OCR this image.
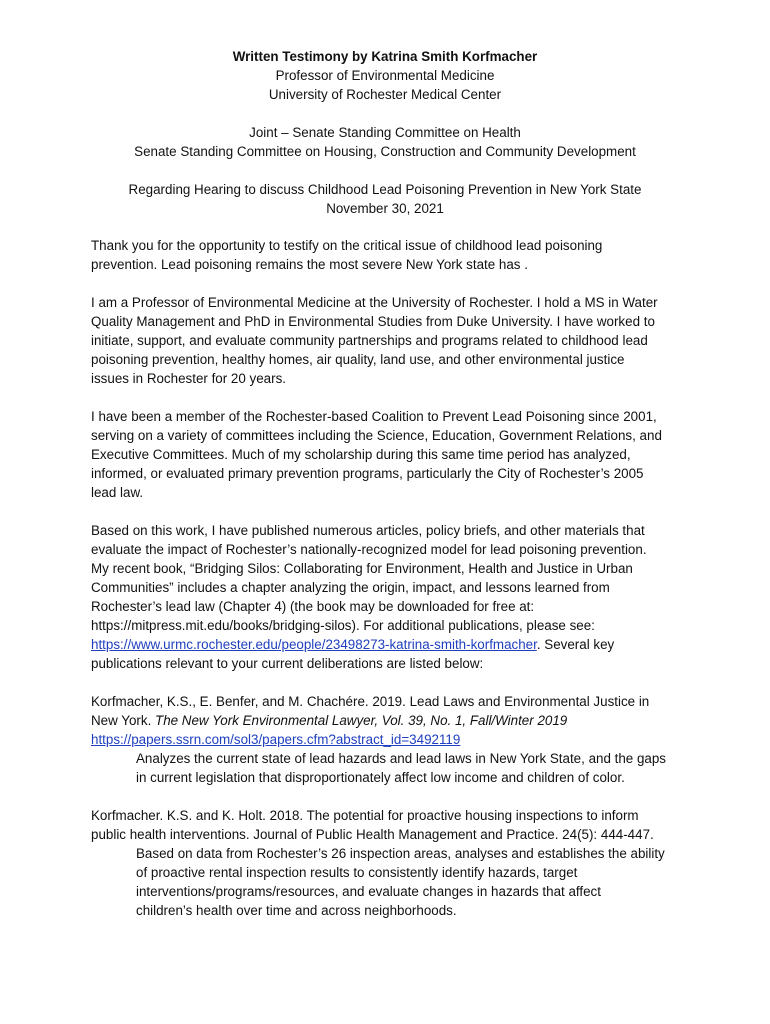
Written Testimony by Katrina Smith Korfmacher
Professor of Environmental Medicine
University of Rochester Medical Center
Joint – Senate Standing Committee on Health
Senate Standing Committee on Housing, Construction and Community Development
Regarding Hearing to discuss Childhood Lead Poisoning Prevention in New York State
November 30, 2021
Thank you for the opportunity to testify on the critical issue of childhood lead poisoning
prevention. Lead poisoning remains the most severe New York state has .
I am a Professor of Environmental Medicine at the University of Rochester. I hold a MS in Water
Quality Management and PhD in Environmental Studies from Duke University. I have worked to
initiate, support, and evaluate community partnerships and programs related to childhood lead
poisoning prevention, healthy homes, air quality, land use, and other environmental justice
issues in Rochester for 20 years.
I have been a member of the Rochester-based Coalition to Prevent Lead Poisoning since 2001,
serving on a variety of committees including the Science, Education, Government Relations, and
Executive Committees. Much of my scholarship during this same time period has analyzed,
informed, or evaluated primary prevention programs, particularly the City of Rochester’s 2005
lead law.
Based on this work, I have published numerous articles, policy briefs, and other materials that
evaluate the impact of Rochester’s nationally-recognized model for lead poisoning prevention.
My recent book, “Bridging Silos: Collaborating for Environment, Health and Justice in Urban
Communities” includes a chapter analyzing the origin, impact, and lessons learned from
Rochester’s lead law (Chapter 4) (the book may be downloaded for free at:
https://mitpress.mit.edu/books/bridging-silos). For additional publications, please see:
https://www.urmc.rochester.edu/people/23498273-katrina-smith-korfmacher. Several key
publications relevant to your current deliberations are listed below:
Korfmacher, K.S., E. Benfer, and M. Chachére. 2019. Lead Laws and Environmental Justice in
New York. The New York Environmental Lawyer, Vol. 39, No. 1, Fall/Winter 2019
https://papers.ssrn.com/sol3/papers.cfm?abstract_id=3492119
Analyzes the current state of lead hazards and lead laws in New York State, and the gaps
in current legislation that disproportionately affect low income and children of color.
Korfmacher. K.S. and K. Holt. 2018. The potential for proactive housing inspections to inform
public health interventions. Journal of Public Health Management and Practice. 24(5): 444-447.
Based on data from Rochester’s 26 inspection areas, analyses and establishes the ability
of proactive rental inspection results to consistently identify hazards, target
interventions/programs/resources, and evaluate changes in hazards that affect
children’s health over time and across neighborhoods.
